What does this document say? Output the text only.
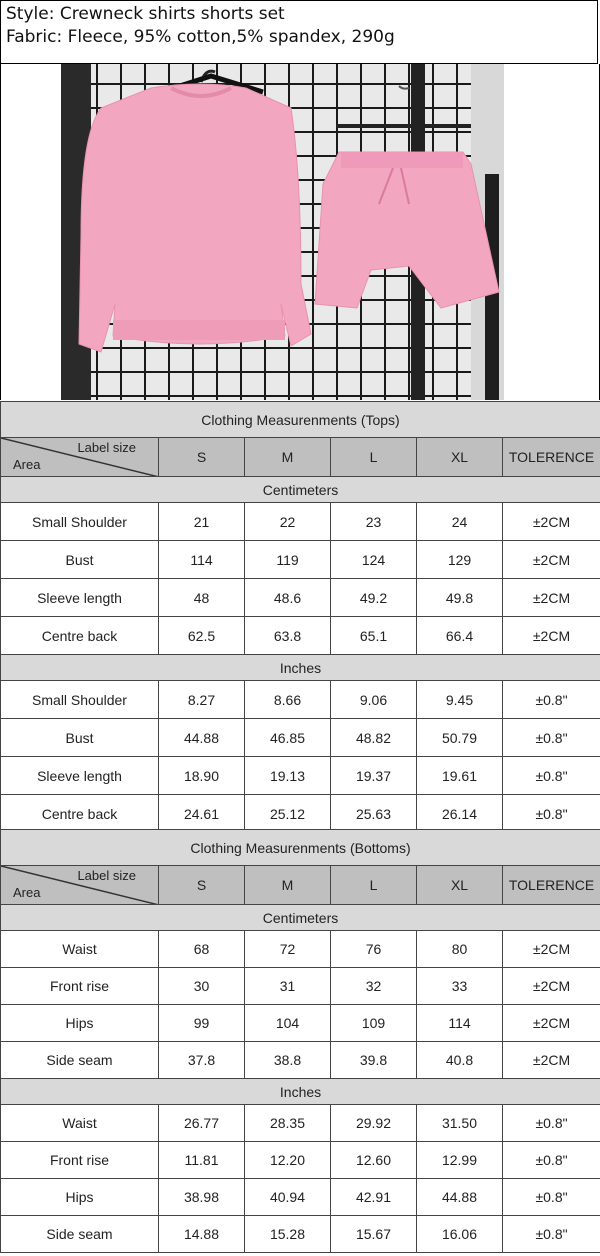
Style: Crewneck shirts shorts set
Fabric: Fleece, 95% cotton,5% spandex, 290g
Clothing Measurenments (Tops)					

Label size
Area	S	M	L	XL	TOLERENCE
Centimeters					
Small Shoulder	21	22	23	24	±2CM
Bust	114	119	124	129	±2CM
Sleeve length	48	48.6	49.2	49.8	±2CM
Centre back	62.5	63.8	65.1	66.4	±2CM
Inches					
Small Shoulder	8.27	8.66	9.06	9.45	±0.8"
Bust	44.88	46.85	48.82	50.79	±0.8"
Sleeve length	18.90	19.13	19.37	19.61	±0.8"
Centre back	24.61	25.12	25.63	26.14	±0.8"
Clothing Measurenments (Bottoms)					

Label size
Area	S	M	L	XL	TOLERENCE
Centimeters					
Waist	68	72	76	80	±2CM
Front rise	30	31	32	33	±2CM
Hips	99	104	109	114	±2CM
Side seam	37.8	38.8	39.8	40.8	±2CM
Inches					
Waist	26.77	28.35	29.92	31.50	±0.8"
Front rise	11.81	12.20	12.60	12.99	±0.8"
Hips	38.98	40.94	42.91	44.88	±0.8"
Side seam	14.88	15.28	15.67	16.06	±0.8"
